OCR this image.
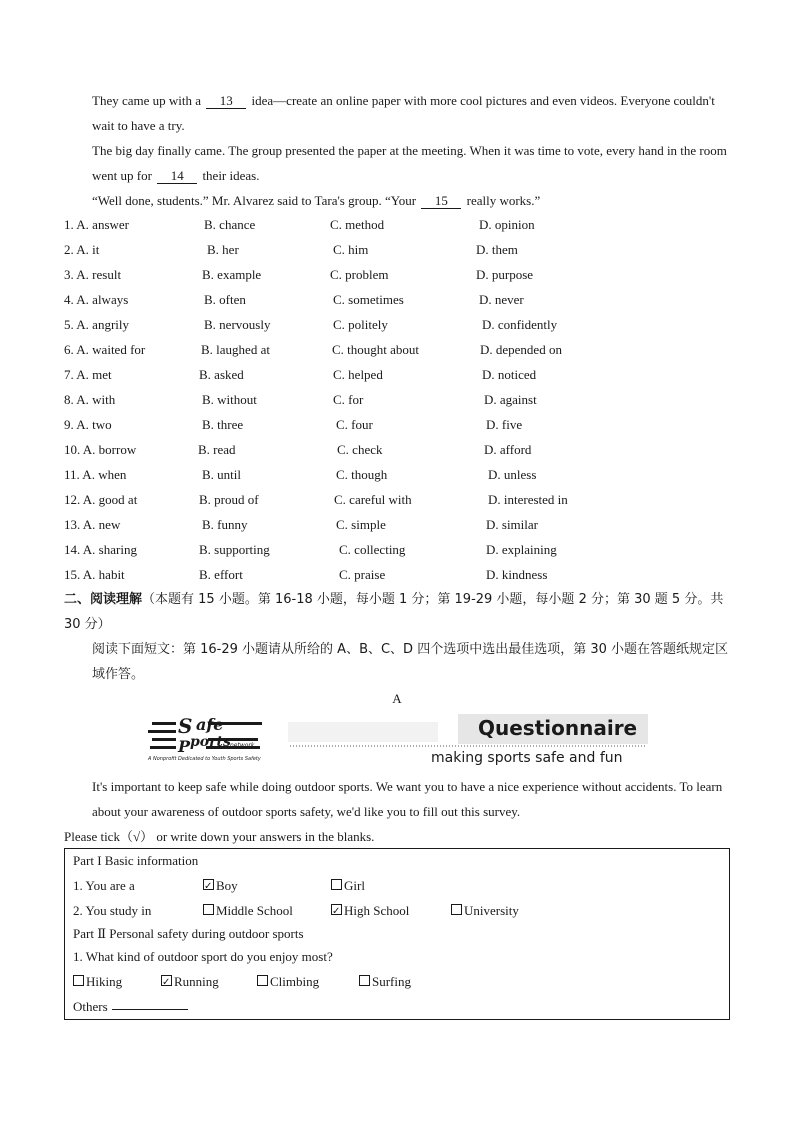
They came up with a 13 idea—create an online paper with more cool pictures and even videos. Everyone couldn't wait to have a try.
The big day finally came. The group presented the paper at the meeting. When it was time to vote, every hand in the room went up for 14 their ideas.
“Well done, students.” Mr. Alvarez said to Tara's group. “Your 15 really works.”
1. A. answer	B. chance	C. method	D. opinion
2. A. it	B. her	C. him	D. them
3. A. result	B. example	C. problem	D. purpose
4. A. always	B. often	C. sometimes	D. never
5. A. angrily	B. nervously	C. politely	D. confidently
6. A. waited for	B. laughed at	C. thought about	D. depended on
7. A. met	B. asked	C. helped	D. noticed
8. A. with	B. without	C. for	D. against
9. A. two	B. three	C. four	D. five
10. A. borrow	B. read	C. check	D. afford
11. A. when	B. until	C. though	D. unless
12. A. good at	B. proud of	C. careful with	D. interested in
13. A. new	B. funny	C. simple	D. similar
14. A. sharing	B. supporting	C. collecting	D. explaining
15. A. habit	B. effort	C. praise	D. kindness
二、阅读理解（本题有 15 小题。第 16-18 小题，每小题 1 分；第 19-29 小题，每小题 2 分；第 30 题 5 分。共 30 分）
阅读下面短文：第 16-29 小题请从所给的 A、B、C、D 四个选项中选出最佳选项，第 30 小题在答题纸规定区域作答。
A
S
P
afe
ports network
A Nonprofit Dedicated to Youth Sports Safety
Questionnaire
making sports safe and fun
It's important to keep safe while doing outdoor sports. We want you to have a nice experience without accidents. To learn about your awareness of outdoor sports safety, we'd like you to fill out this survey.
Please tick（√） or write down your answers in the blanks.
Part I Basic information
1. You are a ✓	Boy	Girl
2. You study in	Middle School ✓	High School	University
Part Ⅱ Personal safety during outdoor sports
1. What kind of outdoor sport do you enjoy most?
Hiking ✓	Running	Climbing	Surfing
Others
